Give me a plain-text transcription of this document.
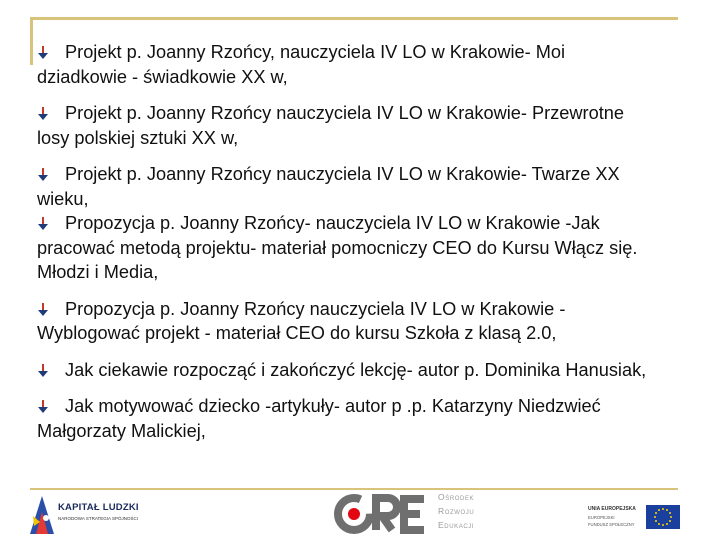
Projekt p. Joanny Rzońcy, nauczyciela IV LO w Krakowie- Moi
dziadkowie - świadkowie XX w,
Projekt p. Joanny Rzońcy nauczyciela IV LO w Krakowie- Przewrotne
losy polskiej sztuki XX w,
Projekt p. Joanny Rzońcy nauczyciela IV LO w Krakowie- Twarze XX
wieku,
Propozycja p. Joanny Rzońcy- nauczyciela IV LO w Krakowie -Jak
pracować metodą projektu- materiał pomocniczy CEO do Kursu Włącz się.
Młodzi i Media,
Propozycja p. Joanny Rzońcy nauczyciela IV LO w Krakowie -
Wyblogować projekt - materiał CEO do kursu Szkoła z klasą 2.0,
Jak ciekawie rozpocząć i zakończyć lekcję- autor p. Dominika Hanusiak,
Jak motywować dziecko -artykuły- autor p .p. Katarzyny Niedzwieć
Małgorzaty Malickiej,
KAPITAŁ LUDZKI
NARODOWA STRATEGIA SPÓJNOŚCI
Ośrodek
Rozwoju
Edukacji
UNIA EUROPEJSKA
EUROPEJSKI
FUNDUSZ SPOŁECZNY
